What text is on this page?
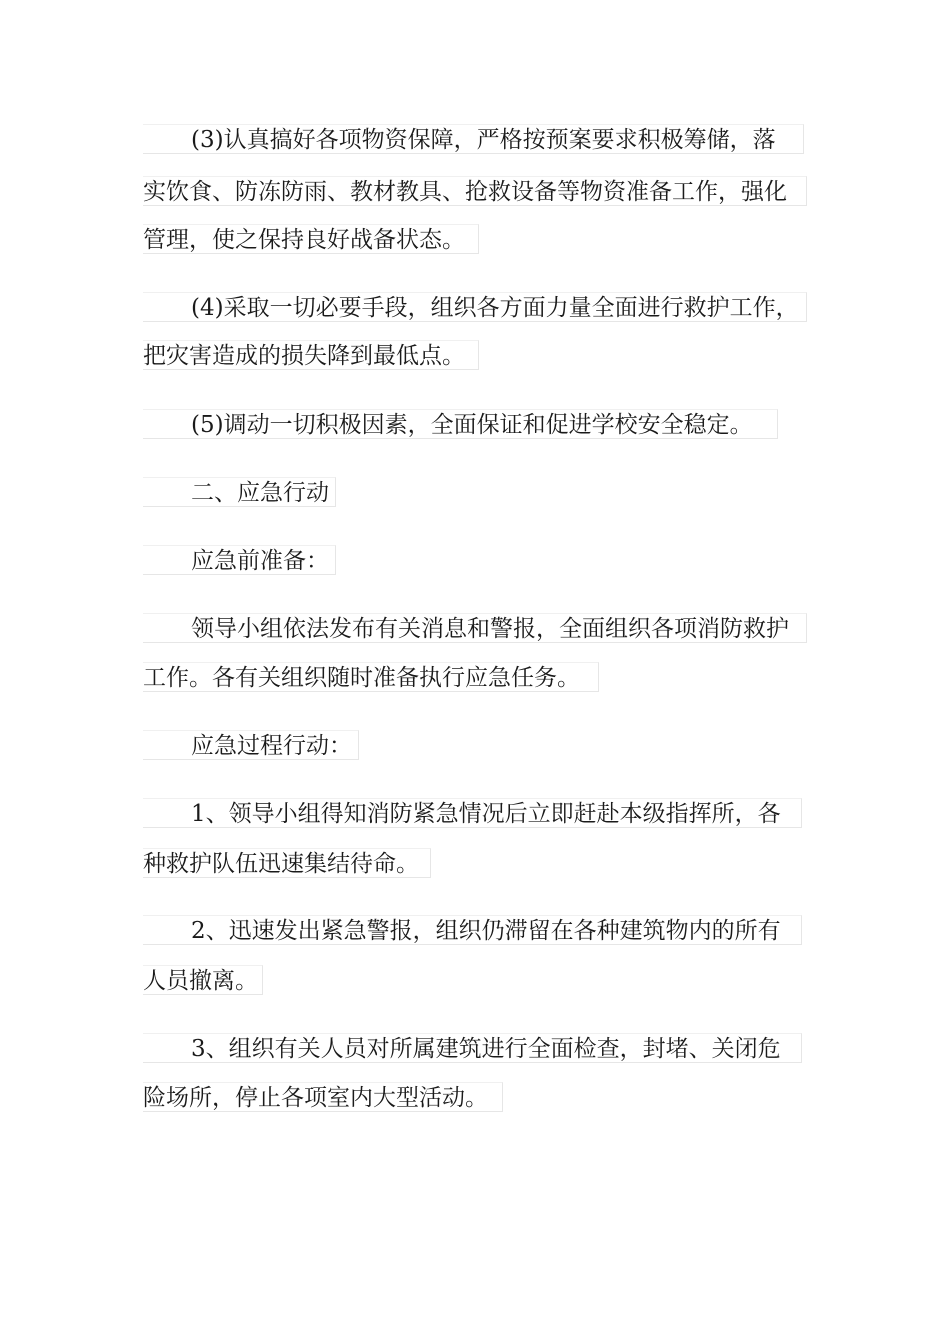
(3)认真搞好各项物资保障，严格按预案要求积极筹储，落
实饮食、防冻防雨、教材教具、抢救设备等物资准备工作，强化
管理，使之保持良好战备状态。
(4)采取一切必要手段，组织各方面力量全面进行救护工作，
把灾害造成的损失降到最低点。
(5)调动一切积极因素，全面保证和促进学校安全稳定。
二、应急行动
应急前准备：
领导小组依法发布有关消息和警报，全面组织各项消防救护
工作。各有关组织随时准备执行应急任务。
应急过程行动：
1、领导小组得知消防紧急情况后立即赶赴本级指挥所，各
种救护队伍迅速集结待命。
2、迅速发出紧急警报，组织仍滞留在各种建筑物内的所有
人员撤离。
3、组织有关人员对所属建筑进行全面检查，封堵、关闭危
险场所，停止各项室内大型活动。
